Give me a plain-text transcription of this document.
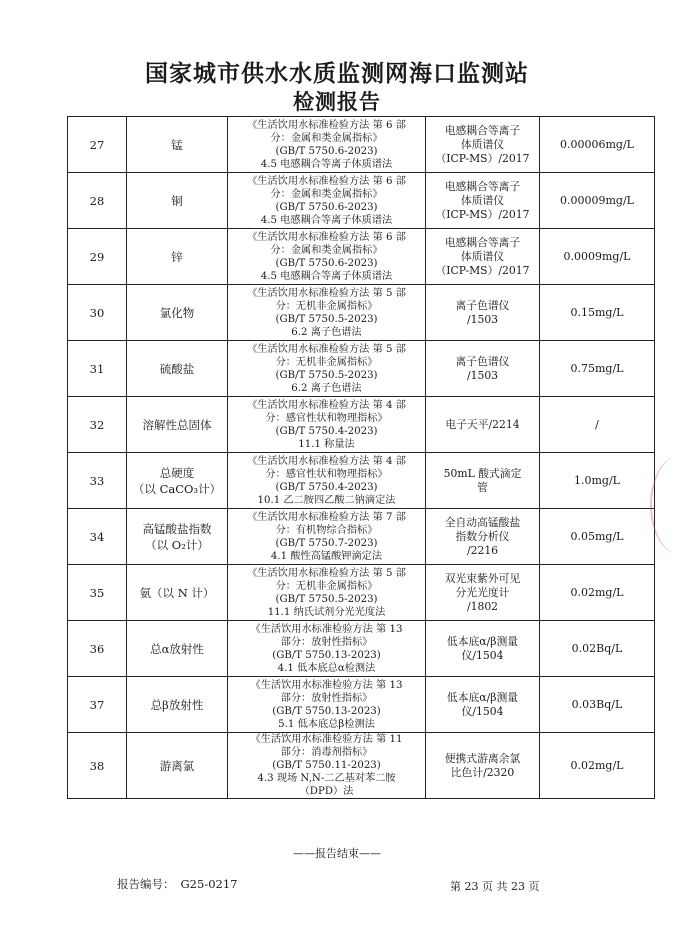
国家城市供水水质监测网海口监测站
检测报告
27	锰	《生活饮用水标准检验方法 第 6 部
分：金属和类金属指标》
(GB/T 5750.6-2023)
4.5 电感耦合等离子体质谱法	电感耦合等离子
体质谱仪
（ICP-MS）/2017	0.00006mg/L

28	铜	《生活饮用水标准检验方法 第 6 部
分：金属和类金属指标》
(GB/T 5750.6-2023)
4.5 电感耦合等离子体质谱法	电感耦合等离子
体质谱仪
（ICP-MS）/2017	0.00009mg/L

29	锌	《生活饮用水标准检验方法 第 6 部
分：金属和类金属指标》
(GB/T 5750.6-2023)
4.5 电感耦合等离子体质谱法	电感耦合等离子
体质谱仪
（ICP-MS）/2017	0.0009mg/L

30	氯化物	《生活饮用水标准检验方法 第 5 部
分：无机非金属指标》
(GB/T 5750.5-2023)
6.2 离子色谱法	离子色谱仪
/1503	0.15mg/L

31	硫酸盐	《生活饮用水标准检验方法 第 5 部
分：无机非金属指标》
(GB/T 5750.5-2023)
6.2 离子色谱法	离子色谱仪
/1503	0.75mg/L

32	溶解性总固体	《生活饮用水标准检验方法 第 4 部
分：感官性状和物理指标》
(GB/T 5750.4-2023)
11.1 称量法	电子天平/2214	/

33	总硬度
（以 CaCO₃计）	《生活饮用水标准检验方法 第 4 部
分：感官性状和物理指标》
(GB/T 5750.4-2023)
10.1 乙二胺四乙酸二钠滴定法	50mL 酸式滴定
管	1.0mg/L

34	高锰酸盐指数
（以 O₂计）	《生活饮用水标准检验方法 第 7 部
分：有机物综合指标》
(GB/T 5750.7-2023)
4.1 酸性高锰酸钾滴定法	全自动高锰酸盐
指数分析仪
/2216	0.05mg/L

35	氨（以 N 计）	《生活饮用水标准检验方法 第 5 部
分：无机非金属指标》
(GB/T 5750.5-2023)
11.1 纳氏试剂分光光度法	双光束紫外可见
分光光度计
/1802	0.02mg/L

36	总α放射性	《生活饮用水标准检验方法 第 13
部分：放射性指标》
(GB/T 5750.13-2023)
4.1 低本底总α检测法	低本底α/β测量
仪/1504	0.02Bq/L

37	总β放射性	《生活饮用水标准检验方法 第 13
部分：放射性指标》
(GB/T 5750.13-2023)
5.1 低本底总β检测法	低本底α/β测量
仪/1504	0.03Bq/L

38	游离氯	《生活饮用水标准检验方法 第 11
部分：消毒剂指标》
(GB/T 5750.11-2023)
4.3 现场 N,N-二乙基对苯二胺
（DPD）法	便携式游离余氯
比色计/2320	0.02mg/L
——报告结束——
报告编号： G25-0217	第 23 页 共 23 页
